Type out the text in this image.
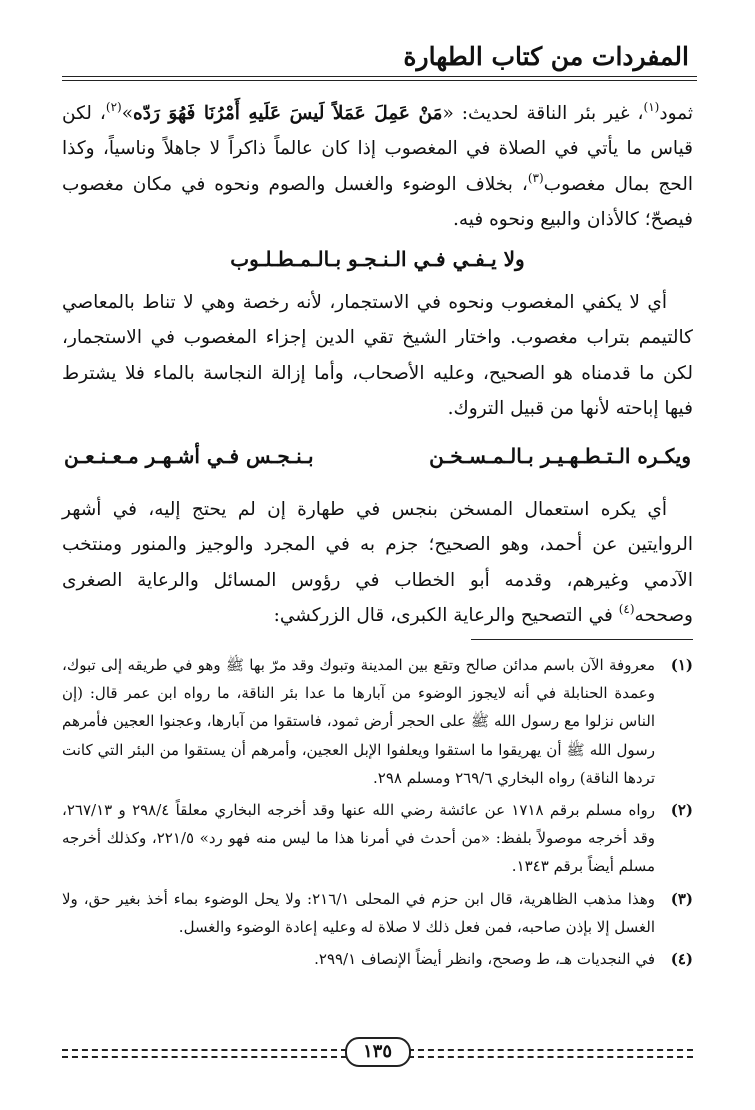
المفردات من كتاب الطهارة

ثمود$^{(١)}$، غير بئر الناقة لحديث: «مَنْ عَمِلَ عَمَلاً لَيسَ عَلَيهِ أَمْرُنَا فَهُوَ رَدّه»$^{(٢)}$، لكن قياس ما يأتي في الصلاة في المغصوب إذا كان عالماً ذاكراً لا جاهلاً وناسياً، وكذا الحج بمال مغصوب$^{(٣)}$، بخلاف الوضوء والغسل والصوم ونحوه في مكان مغصوب فيصحّ؛ كالأذان والبيع ونحوه فيه.

ولا يـفـي فـي الـنـجـو بـالـمـطـلـوب

أي لا يكفي المغصوب ونحوه في الاستجمار، لأنه رخصة وهي لا تناط بالمعاصي كالتيمم بتراب مغصوب. واختار الشيخ تقي الدين إجزاء المغصوب في الاستجمار، لكن ما قدمناه هو الصحيح، وعليه الأصحاب، وأما إزالة النجاسة بالماء فلا يشترط فيها إباحته لأنها من قبيل التروك.

ويكـره الـتـطـهـيـر بـالـمـسـخـن
بـنـجـس فـي أشـهـر مـعـنـعـن

أي يكره استعمال المسخن بنجس في طهارة إن لم يحتج إليه، في أشهر الروايتين عن أحمد، وهو الصحيح؛ جزم به في المجرد والوجيز والمنور ومنتخب الآدمي وغيرهم، وقدمه أبو الخطاب في رؤوس المسائل والرعاية الصغرى وصححه$^{(٤)}$ في التصحيح والرعاية الكبرى، قال الزركشي:

(١)
معروفة الآن باسم مدائن صالح وتقع بين المدينة وتبوك وقد مرّ بها ﷺ وهو في طريقه إلى تبوك، وعمدة الحنابلة في أنه لايجوز الوضوء من آبارها ما عدا بئر الناقة، ما رواه ابن عمر قال: (إن الناس نزلوا مع رسول الله ﷺ على الحجر أرض ثمود، فاستقوا من آبارها، وعجنوا العجين فأمرهم رسول الله ﷺ أن يهريقوا ما استقوا ويعلفوا الإبل العجين، وأمرهم أن يستقوا من البئر التي كانت تردها الناقة) رواه البخاري ٢٦٩/٦ ومسلم ٢٩٨.
(٢)
رواه مسلم برقم ١٧١٨ عن عائشة رضي الله عنها وقد أخرجه البخاري معلقاً ٢٩٨/٤ و ٢٦٧/١٣، وقد أخرجه موصولاً بلفظ: «من أحدث في أمرنا هذا ما ليس منه فهو رد» ٢٢١/٥، وكذلك أخرجه مسلم أيضاً برقم ١٣٤٣.
(٣)
وهذا مذهب الظاهرية، قال ابن حزم في المحلى ٢١٦/١: ولا يحل الوضوء بماء أخذ بغير حق، ولا الغسل إلا بإذن صاحبه، فمن فعل ذلك لا صلاة له وعليه إعادة الوضوء والغسل.
(٤)
في النجديات هـ، ط وصحح، وانظر أيضاً الإنصاف ٢٩٩/١.
١٣٥
